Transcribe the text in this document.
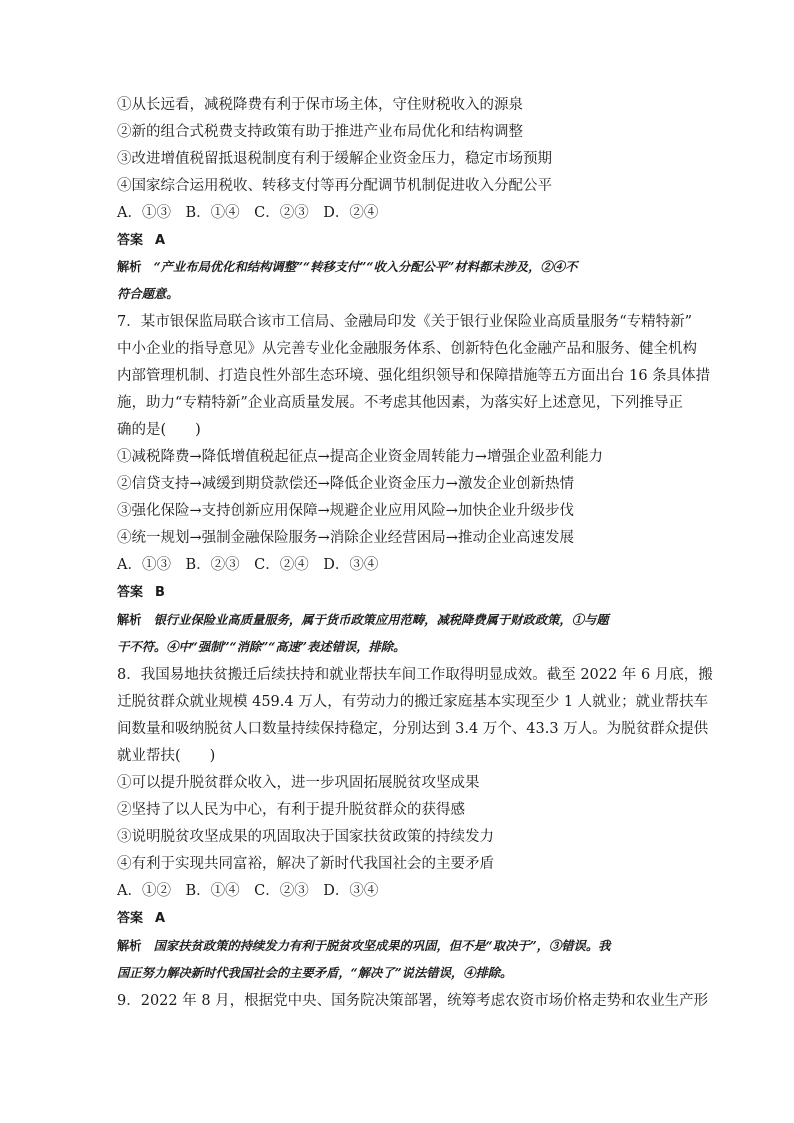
①从长远看，减税降费有利于保市场主体，守住财税收入的源泉
②新的组合式税费支持政策有助于推进产业布局优化和结构调整
③改进增值税留抵退税制度有利于缓解企业资金压力，稳定市场预期
④国家综合运用税收、转移支付等再分配调节机制促进收入分配公平
A．①③　B．①④　C．②③　D．②④
答案 A
解析 “产业布局优化和结构调整”“转移支付”“收入分配公平”材料都未涉及，②④不
符合题意。
7．某市银保监局联合该市工信局、金融局印发《关于银行业保险业高质量服务“专精特新”
中小企业的指导意见》从完善专业化金融服务体系、创新特色化金融产品和服务、健全机构
内部管理机制、打造良性外部生态环境、强化组织领导和保障措施等五方面出台 16 条具体措
施，助力“专精特新”企业高质量发展。不考虑其他因素，为落实好上述意见，下列推导正
确的是(　　)
①减税降费→降低增值税起征点→提高企业资金周转能力→增强企业盈利能力
②信贷支持→减缓到期贷款偿还→降低企业资金压力→激发企业创新热情
③强化保险→支持创新应用保障→规避企业应用风险→加快企业升级步伐
④统一规划→强制金融保险服务→消除企业经营困局→推动企业高速发展
A．①③　B．②③　C．②④　D．③④
答案 B
解析 银行业保险业高质量服务，属于货币政策应用范畴，减税降费属于财政政策，①与题
干不符。④中“强制”“消除”“高速”表述错误，排除。
8．我国易地扶贫搬迁后续扶持和就业帮扶车间工作取得明显成效。截至 2022 年 6 月底，搬
迁脱贫群众就业规模 459.4 万人，有劳动力的搬迁家庭基本实现至少 1 人就业；就业帮扶车
间数量和吸纳脱贫人口数量持续保持稳定，分别达到 3.4 万个、43.3 万人。为脱贫群众提供
就业帮扶(　　)
①可以提升脱贫群众收入，进一步巩固拓展脱贫攻坚成果
②坚持了以人民为中心，有利于提升脱贫群众的获得感
③说明脱贫攻坚成果的巩固取决于国家扶贫政策的持续发力
④有利于实现共同富裕，解决了新时代我国社会的主要矛盾
A．①②　B．①④　C．②③　D．③④
答案 A
解析 国家扶贫政策的持续发力有利于脱贫攻坚成果的巩固，但不是“取决于”，③错误。我
国正努力解决新时代我国社会的主要矛盾，“解决了”说法错误，④排除。
9．2022 年 8 月，根据党中央、国务院决策部署，统筹考虑农资市场价格走势和农业生产形
